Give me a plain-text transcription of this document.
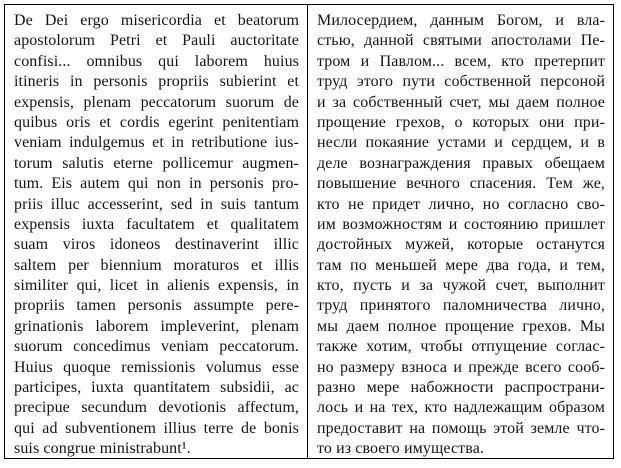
De Dei ergo misericordia et beatorum
apostolorum Petri et Pauli auctoritate
confisi... omnibus qui laborem huius
itineris in personis propriis subierint et
expensis, plenam peccatorum suorum de
quibus oris et cordis egerint penitentiam
veniam indulgemus et in retributione ius-
torum salutis eterne pollicemur augmen-
tum. Eis autem qui non in personis pro-
priis illuc accesserint, sed in suis tantum
expensis iuxta facultatem et qualitatem
suam viros idoneos destinaverint illic
saltem per biennium moraturos et illis
similiter qui, licet in alienis expensis, in
propriis tamen personis assumpte pere-
grinationis laborem impleverint, plenam
suorum concedimus veniam peccatorum.
Huius quoque remissionis volumus esse
participes, iuxta quantitatem subsidii, ac
precipue secundum devotionis affectum,
qui ad subventionem illius terre de bonis
suis congrue ministrabunt¹.
Милосердием, данным Богом, и вла-
стью, данной святыми апостолами Пе-
тром и Павлом... всем, кто претерпит
труд этого пути собственной персоной
и за собственный счет, мы даем полное
прощение грехов, о которых они при-
несли покаяние устами и сердцем, и в
деле вознаграждения правых обещаем
повышение вечного спасения. Тем же,
кто не придет лично, но согласно сво-
им возможностям и состоянию пришлет
достойных мужей, которые останутся
там по меньшей мере два года, и тем,
кто, пусть и за чужой счет, выполнит
труд принятого паломничества лично,
мы даем полное прощение грехов. Мы
также хотим, чтобы отпущение соглас-
но размеру взноса и прежде всего сооб-
разно мере набожности распространи-
лось и на тех, кто надлежащим образом
предоставит на помощь этой земле что-
то из своего имущества.
